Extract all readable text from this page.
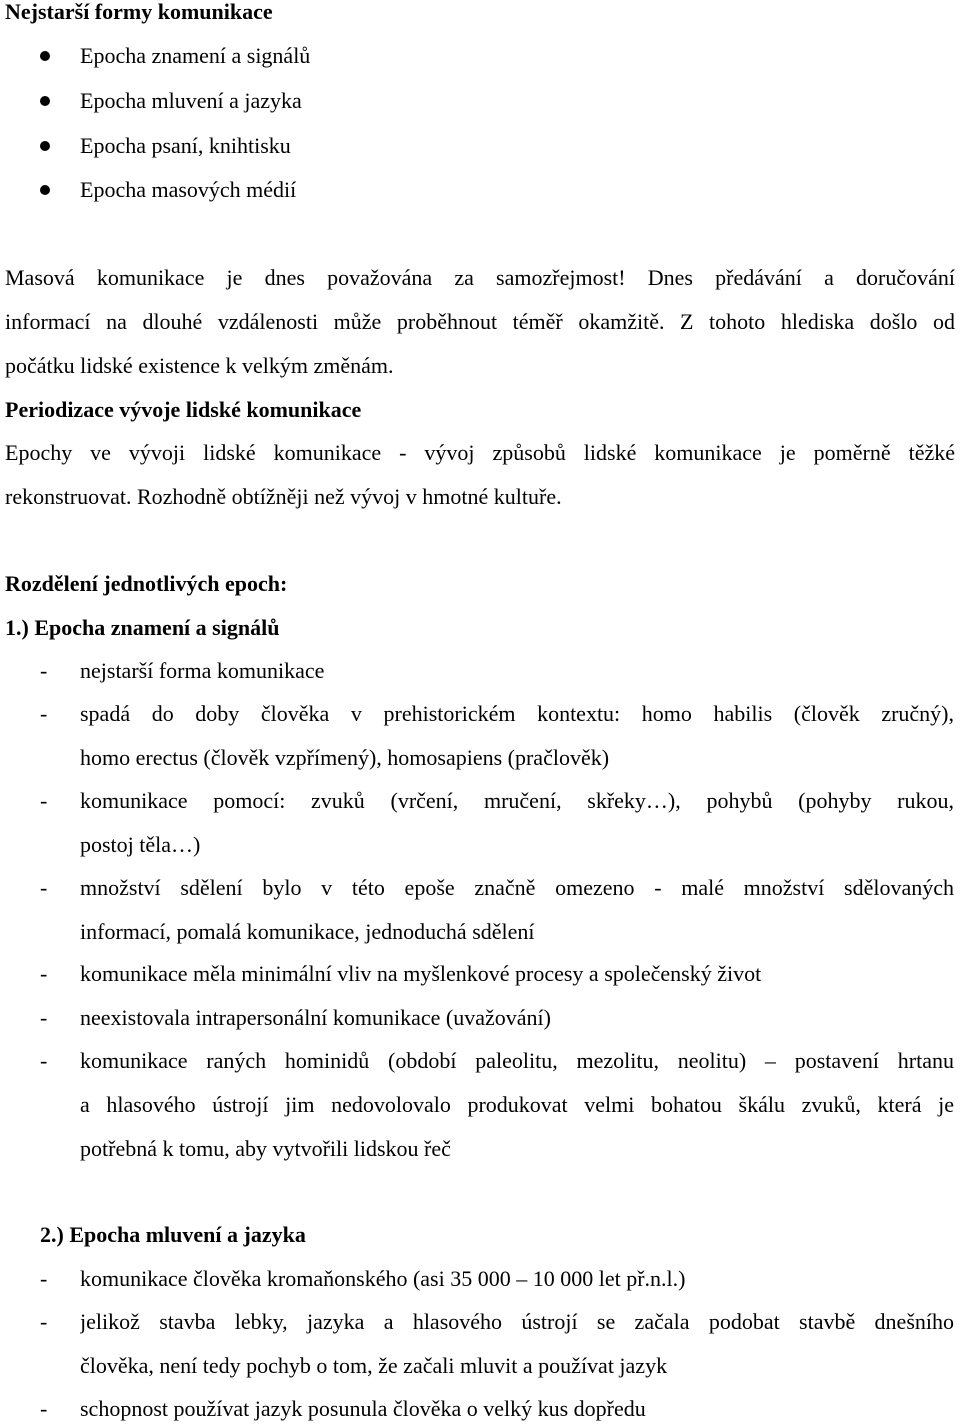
Nejstarší formy komunikace
Epocha znamení a signálů
Epocha mluvení a jazyka
Epocha psaní, knihtisku
Epocha masových médií
Masová komunikace je dnes považována za samozřejmost! Dnes předávání a doručování
informací na dlouhé vzdálenosti může proběhnout téměř okamžitě. Z tohoto hlediska došlo od
počátku lidské existence k velkým změnám.
Periodizace vývoje lidské komunikace
Epochy ve vývoji lidské komunikace - vývoj způsobů lidské komunikace je poměrně těžké
rekonstruovat. Rozhodně obtížněji než vývoj v hmotné kultuře.
Rozdělení jednotlivých epoch:
1.) Epocha znamení a signálů
- nejstarší forma komunikace
- spadá do doby člověka v prehistorickém kontextu: homo habilis (člověk zručný),
homo erectus (člověk vzpřímený), homosapiens (pračlověk)
- komunikace pomocí: zvuků (vrčení, mručení, skřeky…), pohybů (pohyby rukou,
postoj těla…)
- množství sdělení bylo v této epoše značně omezeno - malé množství sdělovaných
informací, pomalá komunikace, jednoduchá sdělení
- komunikace měla minimální vliv na myšlenkové procesy a společenský život
- neexistovala intrapersonální komunikace (uvažování)
- komunikace raných hominidů (období paleolitu, mezolitu, neolitu) – postavení hrtanu
a hlasového ústrojí jim nedovolovalo produkovat velmi bohatou škálu zvuků, která je
potřebná k tomu, aby vytvořili lidskou řeč
2.) Epocha mluvení a jazyka
- komunikace člověka kromaňonského (asi 35 000 – 10 000 let př.n.l.)
- jelikož stavba lebky, jazyka a hlasového ústrojí se začala podobat stavbě dnešního
člověka, není tedy pochyb o tom, že začali mluvit a používat jazyk
- schopnost používat jazyk posunula člověka o velký kus dopředu
